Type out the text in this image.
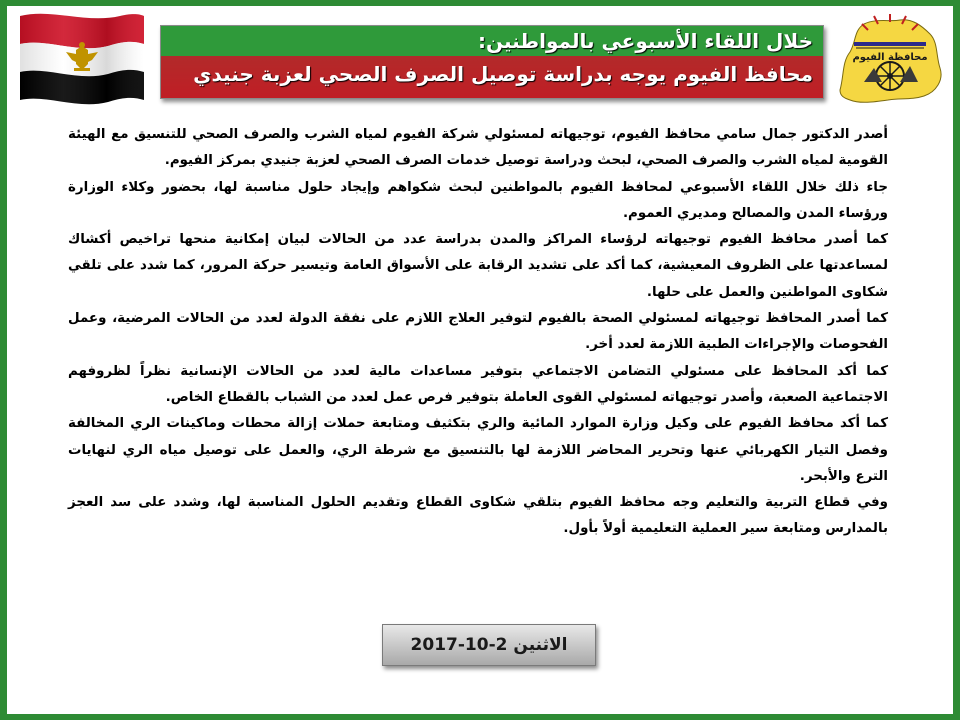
محافظة الفيوم
خلال اللقاء الأسبوعي بالمواطنين:
محافظ الفيوم يوجه بدراسة توصيل الصرف الصحي لعزبة جنيدي

أصدر الدكتور جمال سامي محافظ الفيوم، توجيهاته لمسئولي شركة الفيوم لمياه الشرب والصرف الصحي للتنسيق مع الهيئة القومية لمياه الشرب والصرف الصحي، لبحث ودراسة توصيل خدمات الصرف الصحي لعزبة جنيدي بمركز الفيوم.

جاء ذلك خلال اللقاء الأسبوعي لمحافظ الفيوم بالمواطنين لبحث شكواهم وإيجاد حلول مناسبة لها، بحضور وكلاء الوزارة ورؤساء المدن والمصالح ومديري العموم.

كما أصدر محافظ الفيوم توجيهاته لرؤساء المراكز والمدن بدراسة عدد من الحالات لبيان إمكانية منحها تراخيص أكشاك لمساعدتها على الظروف المعيشية، كما أكد على تشديد الرقابة على الأسواق العامة وتيسير حركة المرور، كما شدد على تلقي شكاوى المواطنين والعمل على حلها.

كما أصدر المحافظ توجيهاته لمسئولي الصحة بالفيوم لتوفير العلاج اللازم على نفقة الدولة لعدد من الحالات المرضية، وعمل الفحوصات والإجراءات الطبية اللازمة لعدد أخر.

كما أكد المحافظ على مسئولي التضامن الاجتماعي بتوفير مساعدات مالية لعدد من الحالات الإنسانية نظراً لظروفهم الاجتماعية الصعبة، وأصدر توجيهاته لمسئولي القوى العاملة بتوفير فرص عمل لعدد من الشباب بالقطاع الخاص.

كما أكد محافظ الفيوم على وكيل وزارة الموارد المائية والري بتكثيف ومتابعة حملات إزالة محطات وماكينات الري المخالفة وفصل التيار الكهربائي عنها وتحرير المحاضر اللازمة لها بالتنسيق مع شرطة الري، والعمل على توصيل مياه الري لنهايات الترع والأبحر.

وفي قطاع التربية والتعليم وجه محافظ الفيوم بتلقي شكاوى القطاع وتقديم الحلول المناسبة لها، وشدد على سد العجز بالمدارس ومتابعة سير العملية التعليمية أولاً بأول.

الاثنين 2-10-2017
